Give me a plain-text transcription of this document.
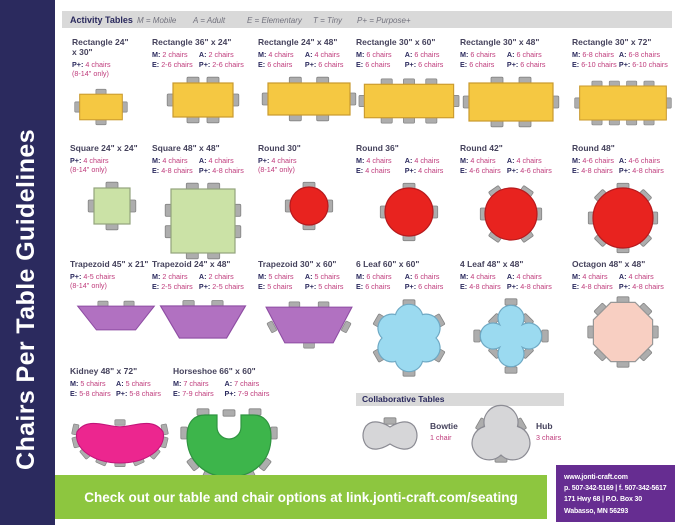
Chairs Per Table Guidelines
Activity Tables M = Mobile A = Adult	E = Elementary T = Tiny P+ = Purpose+
Rectangle 24" x 30"
P+: 4 chairs
(8-14" only)
Rectangle 36" x 24"
M: 2 chairs	A: 2 chairs
E: 2-6 chairs P+: 2-6 chairs
Rectangle 24" x 48"
M: 4 chairs	A: 4 chairs
E: 6 chairs	P+: 6 chairs
Rectangle 30" x 60"
M: 6 chairs	A: 6 chairs
E: 6 chairs	P+: 6 chairs
Rectangle 30" x 48"
M: 6 chairs	A: 6 chairs
E: 6 chairs	P+: 6 chairs
Rectangle 30" x 72"
M: 6-8 chairs A: 6-8 chairs
E: 6-10 chairs P+: 6-10 chairs
Square 24" x 24"
P+: 4 chairs
(8-14" only)
Square 48" x 48"
M: 4 chairs	A: 4 chairs
E: 4-8 chairs P+: 4-8 chairs
Round 30"
P+: 4 chairs
(8-14" only)
Round 36"
M: 4 chairs	A: 4 chairs
E: 4 chairs	P+: 4 chairs
Round 42"
M: 4 chairs	A: 4 chairs
E: 4-6 chairs P+: 4-6 chairs
Round 48"
M: 4-6 chairs A: 4-6 chairs
E: 4-8 chairs P+: 4-8 chairs
Trapezoid 45" x 21"
P+: 4-5 chairs
(8-14" only)
Trapezoid 24" x 48"
M: 2 chairs	A: 2 chairs
E: 2-5 chairs P+: 2-5 chairs
Trapezoid 30" x 60"
M: 5 chairs	A: 5 chairs
E: 5 chairs	P+: 5 chairs
6 Leaf 60" x 60"
M: 6 chairs	A: 6 chairs
E: 6 chairs	P+: 6 chairs
4 Leaf 48" x 48"
M: 4 chairs	A: 4 chairs
E: 4-8 chairs P+: 4-8 chairs
Octagon 48" x 48"
M: 4 chairs	A: 4 chairs
E: 4-8 chairs P+: 4-8 chairs
Kidney 48" x 72"
M: 5 chairs	A: 5 chairs
E: 5-8 chairs P+: 5-8 chairs
Horseshoe 66" x 60"
M: 7 chairs	A: 7 chairs
E: 7-9 chairs	P+: 7-9 chairs
Collaborative Tables
Bowtie
1 chair
Hub
3 chairs
Check out our table and chair options at link.jonti-craft.com/seating
www.jonti-craft.com
p. 507-342-5169 | f. 507-342-5617
171 Hwy 68 | P.O. Box 30
Wabasso, MN 56293
